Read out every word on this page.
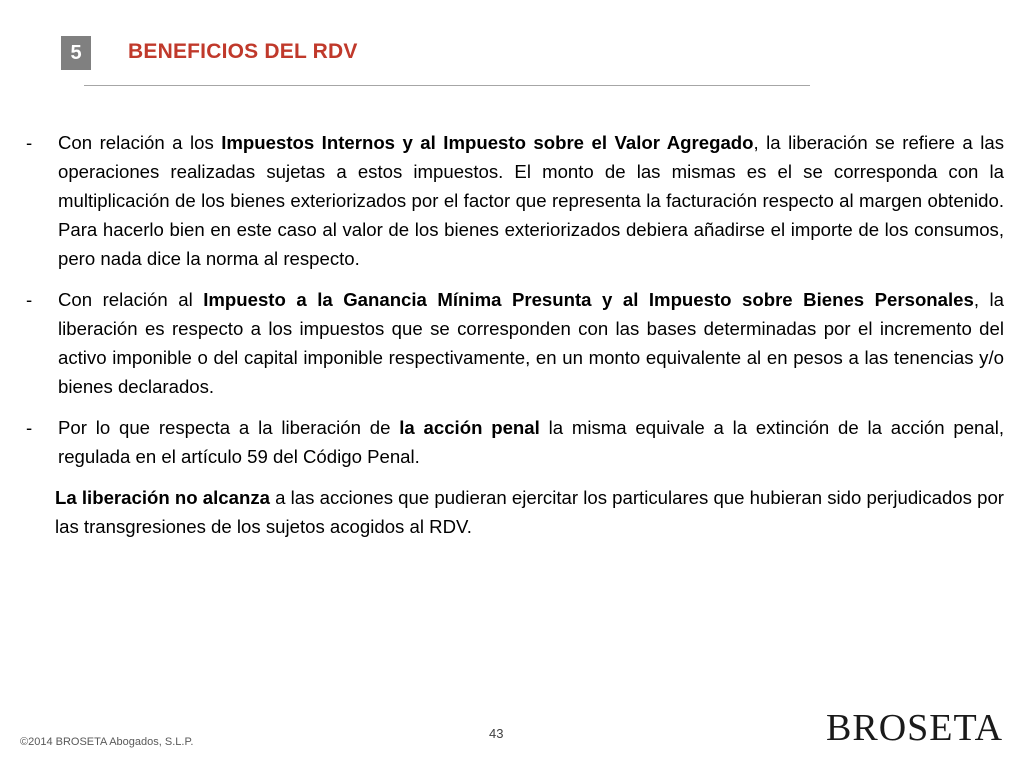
5	BENEFICIOS DEL RDV
-	Con relación a los Impuestos Internos y al Impuesto sobre el Valor Agregado, la liberación se refiere a las operaciones realizadas sujetas a estos impuestos. El monto de las mismas es el se corresponda con la multiplicación de los bienes exteriorizados por el factor que representa la facturación respecto al margen obtenido. Para hacerlo bien en este caso al valor de los bienes exteriorizados debiera añadirse el importe de los consumos, pero nada dice la norma al respecto.
-	Con relación al Impuesto a la Ganancia Mínima Presunta y al Impuesto sobre Bienes Personales, la liberación es respecto a los impuestos que se corresponden con las bases determinadas por el incremento del activo imponible o del capital imponible respectivamente, en un monto equivalente al en pesos a las tenencias y/o bienes declarados.
-	Por lo que respecta a la liberación de la acción penal la misma equivale a la extinción de la acción penal, regulada en el artículo 59 del Código Penal.
La liberación no alcanza a las acciones que pudieran ejercitar los particulares que hubieran sido perjudicados por las transgresiones de los sujetos acogidos al RDV.
©2014 BROSETA Abogados, S.L.P.
43	BROSETA
